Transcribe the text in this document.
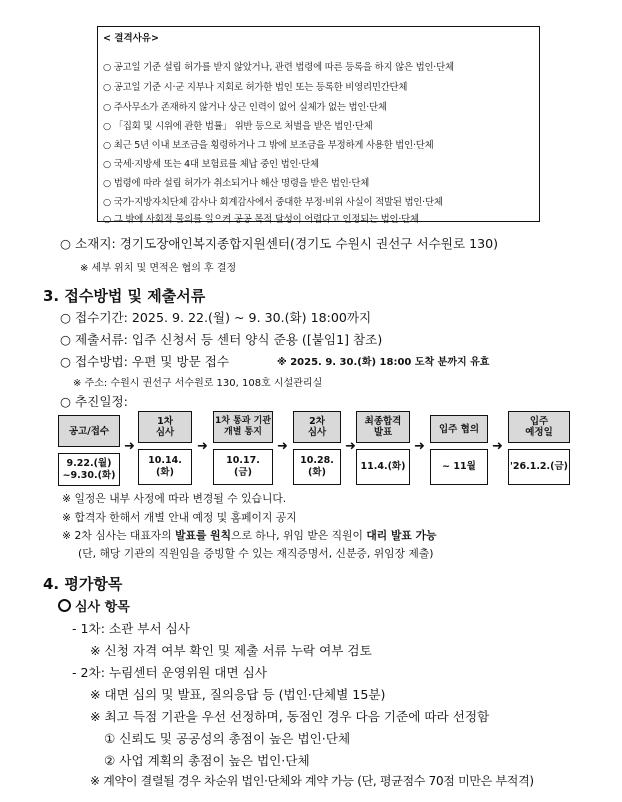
< 결격사유>
○ 공고일 기준 설립 허가를 받지 않았거나, 관련 법령에 따른 등록을 하지 않은 법인·단체
○ 공고일 기준 시·군 지부나 지회로 허가한 법인 또는 등록한 비영리민간단체
○ 주사무소가 존재하지 않거나 상근 인력이 없어 실체가 없는 법인·단체
○ 「집회 및 시위에 관한 법률」 위반 등으로 처벌을 받은 법인·단체
○ 최근 5년 이내 보조금을 횡령하거나 그 밖에 보조금을 부정하게 사용한 법인·단체
○ 국세·지방세 또는 4대 보험료를 체납 중인 법인·단체
○ 법령에 따라 설립 허가가 취소되거나 해산 명령을 받은 법인·단체
○ 국가·지방자치단체 감사나 회계감사에서 중대한 부정·비위 사실이 적발된 법인·단체
○ 그 밖에 사회적 물의를 일으켜 공공 목적 달성이 어렵다고 인정되는 법인·단체
○ 소재지: 경기도장애인복지종합지원센터(경기도 수원시 권선구 서수원로 130)
※ 세부 위치 및 면적은 협의 후 결정
3. 접수방법 및 제출서류
○ 접수기간: 2025. 9. 22.(월) ~ 9. 30.(화) 18:00까지
○ 제출서류: 입주 신청서 등 센터 양식 준용 ([붙임1] 참조)
○ 접수방법: 우편 및 방문 접수	※ 2025. 9. 30.(화) 18:00 도착 분까지 유효
※ 주소: 수원시 권선구 서수원로 130, 108호 시설관리실
○ 추진일정:
공고/접수
9.22.(월)
~9.30.(화)
➜
1차
심사
10.14.
(화)
➜
1차 통과 기관
개별 통지
10.17.
(금)
➜
2차
심사
10.28.
(화)
➜
최종합격
발표
11.4.(화)
➜
입주 협의
~ 11월
➜
입주
예정일
'26.1.2.(금)
※ 일정은 내부 사정에 따라 변경될 수 있습니다.
※ 합격자 한해서 개별 안내 예정 및 홈페이지 공지
※ 2차 심사는 대표자의 발표를 원칙으로 하나, 위임 받은 직원이 대리 발표 가능
(단, 해당 기관의 직원임을 증빙할 수 있는 재직증명서, 신분증, 위임장 제출)
4. 평가항목
심사 항목
- 1차: 소관 부서 심사
※ 신청 자격 여부 확인 및 제출 서류 누락 여부 검토
- 2차: 누림센터 운영위원 대면 심사
※ 대면 심의 및 발표, 질의응답 등 (법인·단체별 15분)
※ 최고 득점 기관을 우선 선정하며, 동점인 경우 다음 기준에 따라 선정함
① 신뢰도 및 공공성의 총점이 높은 법인·단체
② 사업 계획의 총점이 높은 법인·단체
※ 계약이 결렬될 경우 차순위 법인·단체와 계약 가능 (단, 평균점수 70점 미만은 부적격)
